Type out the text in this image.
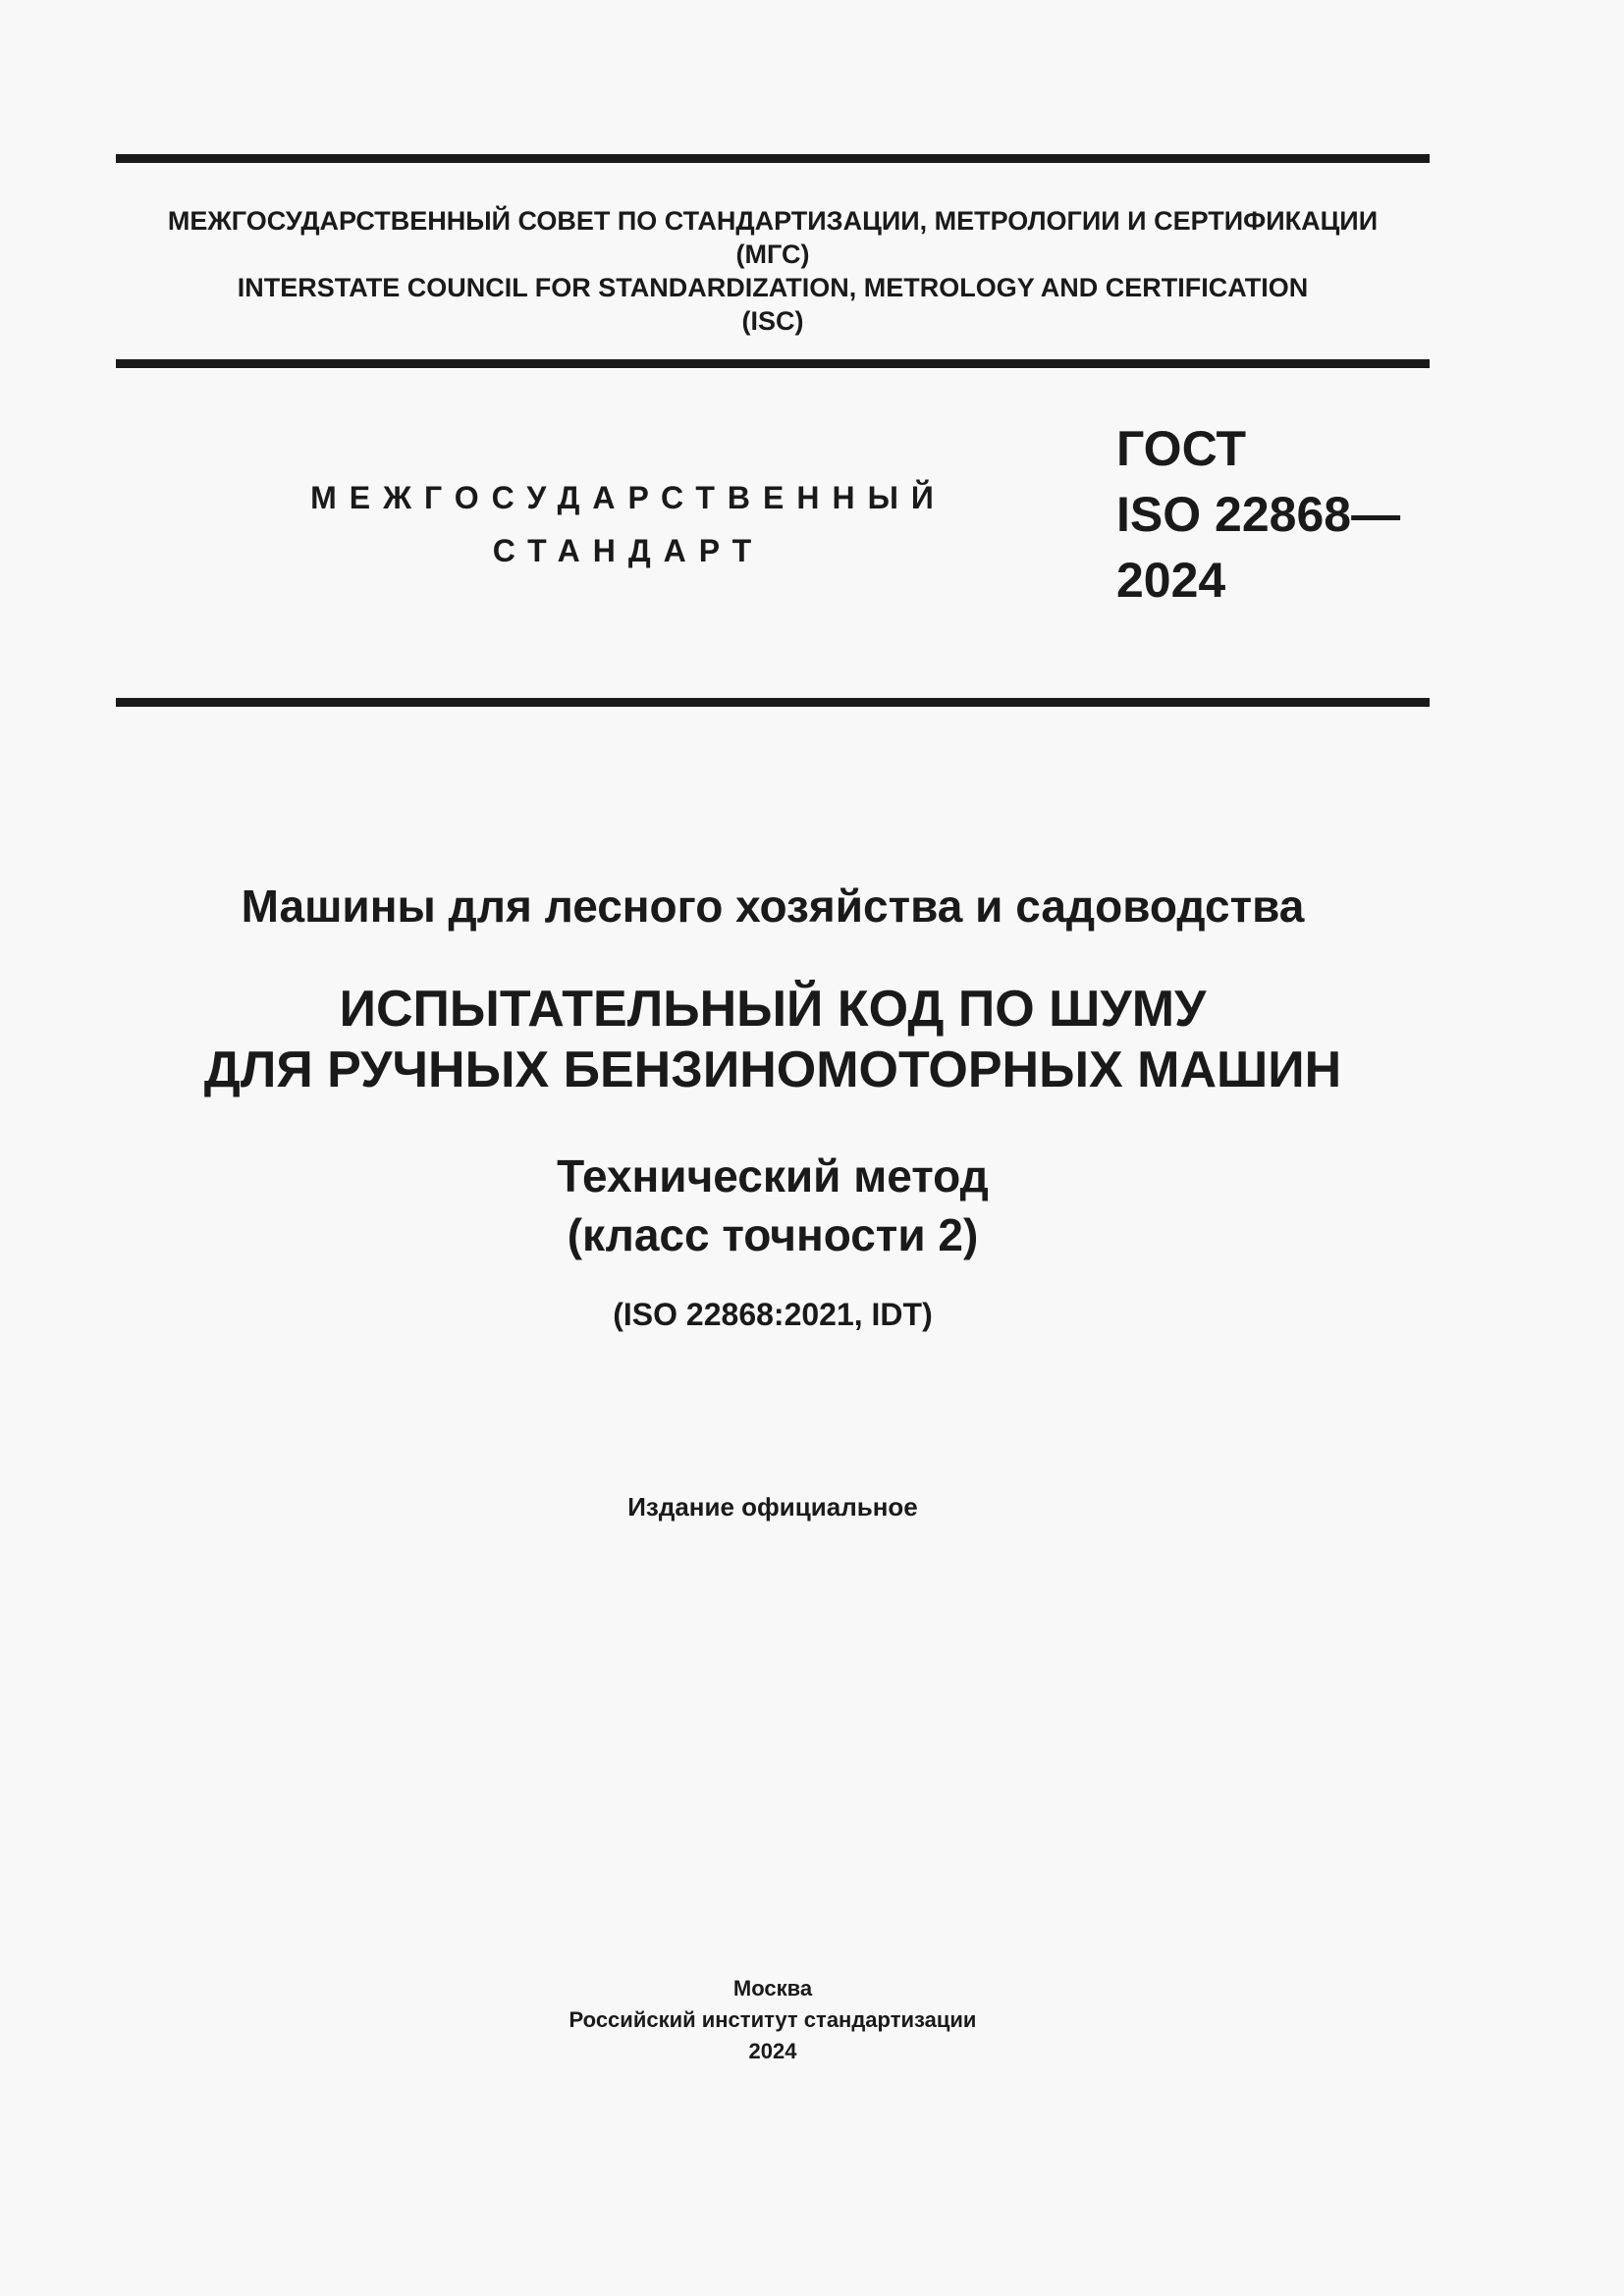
МЕЖГОСУДАРСТВЕННЫЙ СОВЕТ ПО СТАНДАРТИЗАЦИИ, МЕТРОЛОГИИ И СЕРТИФИКАЦИИ
(МГС)
INTERSTATE COUNCIL FOR STANDARDIZATION, METROLOGY AND CERTIFICATION
(ISC)
МЕЖГОСУДАРСТВЕННЫЙ
СТАНДАРТ
ГОСТ
ISO 22868—
2024
Машины для лесного хозяйства и садоводства
ИСПЫТАТЕЛЬНЫЙ КОД ПО ШУМУ
ДЛЯ РУЧНЫХ БЕНЗИНОМОТОРНЫХ МАШИН
Технический метод
(класс точности 2)
(ISO 22868:2021, IDT)
Издание официальное
Москва
Российский институт стандартизации
2024
